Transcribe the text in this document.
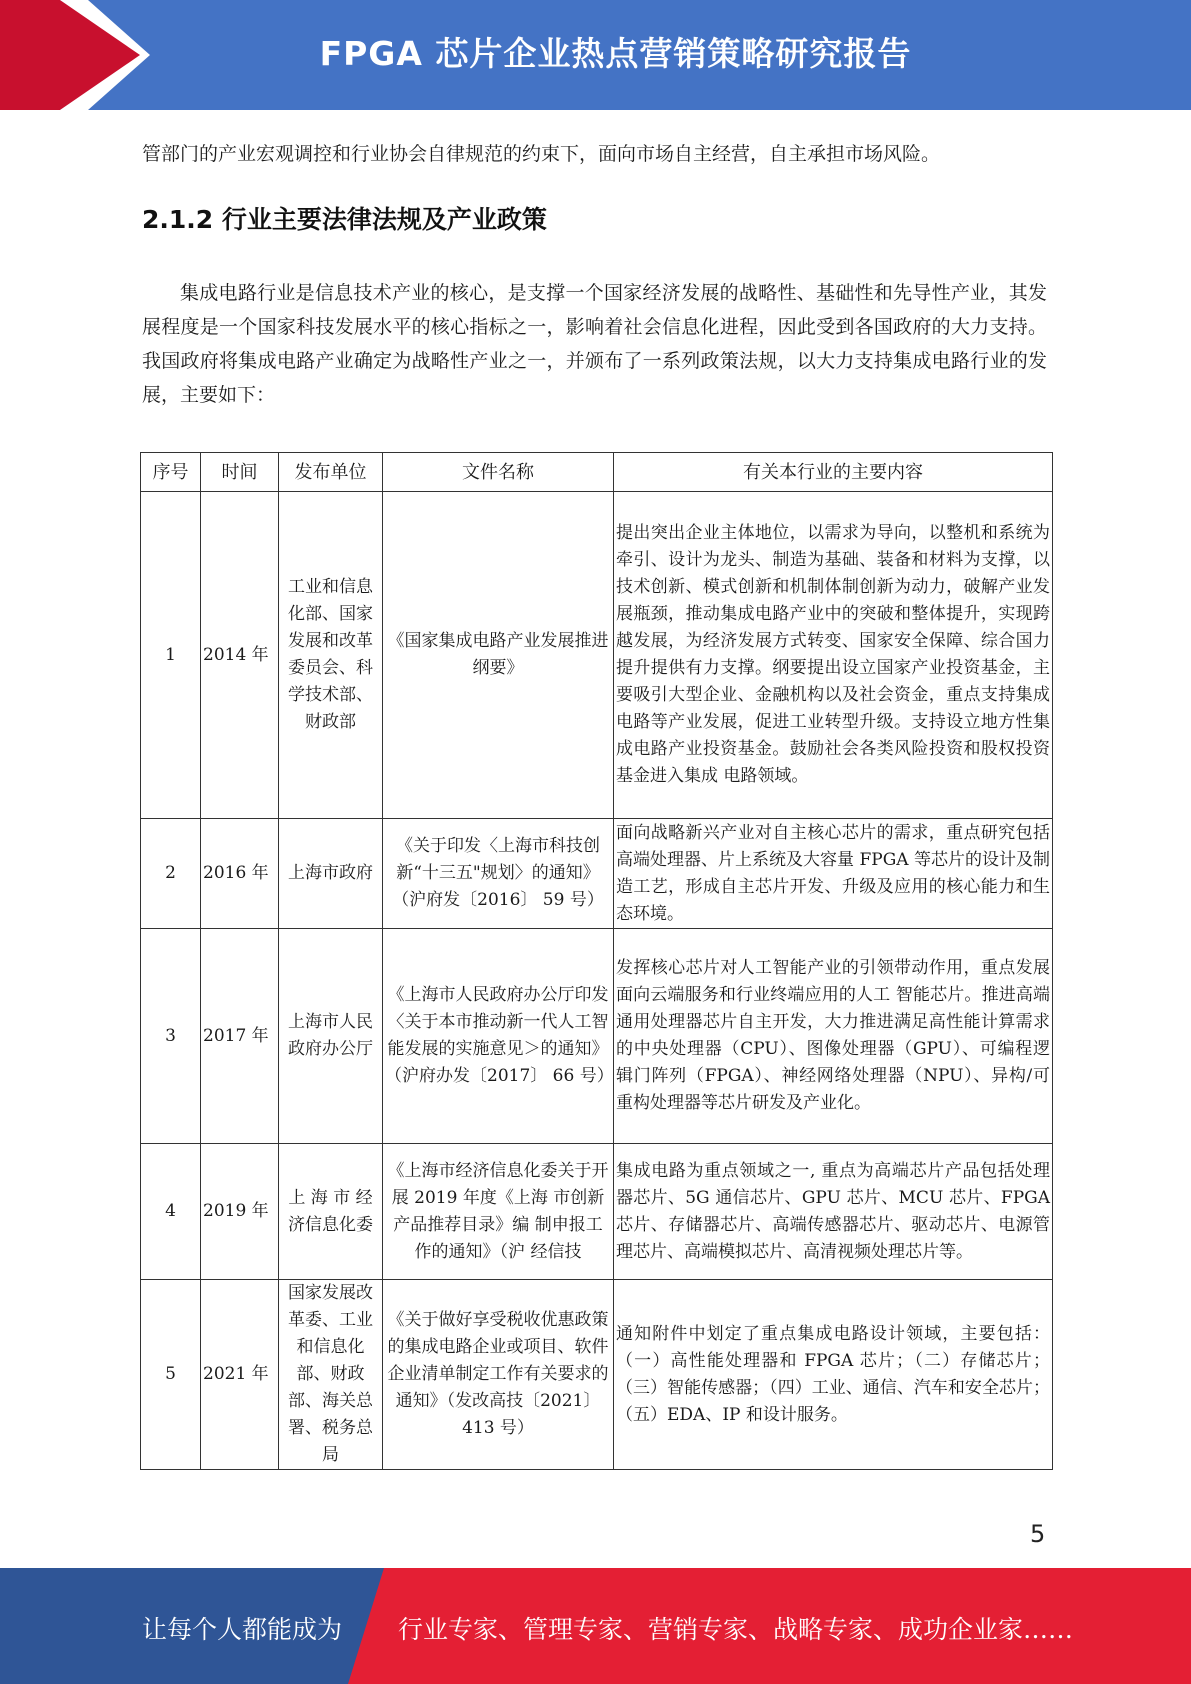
FPGA 芯片企业热点营销策略研究报告

管部门的产业宏观调控和行业协会自律规范的约束下，面向市场自主经营，自主承担市场风险。

2.1.2 行业主要法律法规及产业政策

集成电路行业是信息技术产业的核心，是支撑一个国家经济发展的战略性、基础性和先导性产业，其发展程度是一个国家科技发展水平的核心指标之一，影响着社会信息化进程，因此受到各国政府的大力支持。我国政府将集成电路产业确定为战略性产业之一，并颁布了一系列政策法规，以大力支持集成电路行业的发展，主要如下：

序号	时间	发布单位	文件名称	有关本行业的主要内容
1	2014 年	工业和信息化部、国家发展和改革委员会、科学技术部、财政部	《国家集成电路产业发展推进纲要》	提出突出企业主体地位，以需求为导向，以整机和系统为牵引、设计为龙头、制造为基础、装备和材料为支撑，以技术创新、模式创新和机制体制创新为动力，破解产业发展瓶颈，推动集成电路产业中的突破和整体提升，实现跨越发展，为经济发展方式转变、国家安全保障、综合国力提升提供有力支撑。纲要提出设立国家产业投资基金，主要吸引大型企业、金融机构以及社会资金，重点支持集成电路等产业发展，促进工业转型升级。支持设立地方性集成电路产业投资基金。鼓励社会各类风险投资和股权投资基金进入集成 电路领域。
2	2016 年	上海市政府	《关于印发〈上海市科技创新“十三五"规划〉的通知》（沪府发〔2016〕 59 号）	面向战略新兴产业对自主核心芯片的需求，重点研究包括高端处理器、片上系统及大容量 FPGA 等芯片的设计及制造工艺，形成自主芯片开发、升级及应用的核心能力和生态环境。
3	2017 年	上海市人民政府办公厅	《上海市人民政府办公厅印发〈关于本市推动新一代人工智能发展的实施意见＞的通知》（沪府办发〔2017〕 66 号）	发挥核心芯片对人工智能产业的引领带动作用，重点发展面向云端服务和行业终端应用的人工 智能芯片。推进高端通用处理器芯片自主开发，大力推进满足高性能计算需求的中央处理器（CPU）、图像处理器（GPU）、可编程逻辑门阵列（FPGA）、神经网络处理器（NPU）、异构/可重构处理器等芯片研发及产业化。
4	2019 年	上 海 市 经济信息化委	《上海市经济信息化委关于开展 2019 年度《上海 市创新产品推荐目录》编 制申报工作的通知》（沪 经信技	集成电路为重点领域之一, 重点为高端芯片产品包括处理器芯片、5G 通信芯片、GPU 芯片、MCU 芯片、FPGA 芯片、存储器芯片、高端传感器芯片、驱动芯片、电源管理芯片、高端模拟芯片、高清视频处理芯片等。
5	2021 年	国家发展改革委、工业和信息化部、财政部、海关总署、税务总局	《关于做好享受税收优惠政策的集成电路企业或项目、软件企业清单制定工作有关要求的通知》（发改高技〔2021〕 413 号）	通知附件中划定了重点集成电路设计领域，主要包括：（一）高性能处理器和 FPGA 芯片；（二）存储芯片；（三）智能传感器；（四）工业、通信、汽车和安全芯片；（五）EDA、IP 和设计服务。
5
让每个人都能成为 行业专家、管理专家、营销专家、战略专家、成功企业家……
